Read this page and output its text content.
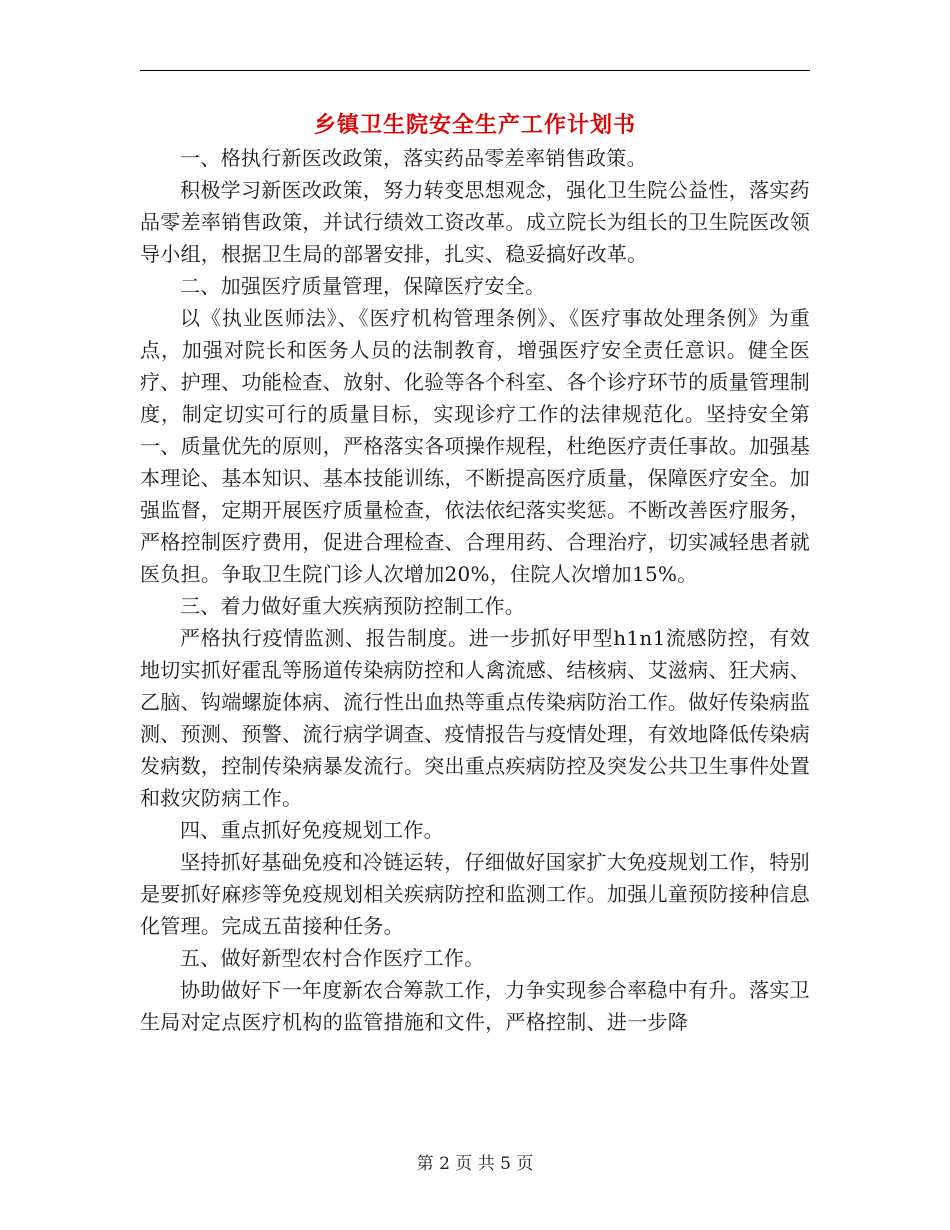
乡镇卫生院安全生产工作计划书

一、格执行新医改政策，落实药品零差率销售政策。

积极学习新医改政策，努力转变思想观念，强化卫生院公益性，落实药品零差率销售政策，并试行绩效工资改革。成立院长为组长的卫生院医改领导小组，根据卫生局的部署安排，扎实、稳妥搞好改革。

二、加强医疗质量管理，保障医疗安全。

以《执业医师法》、《医疗机构管理条例》、《医疗事故处理条例》为重点，加强对院长和医务人员的法制教育，增强医疗安全责任意识。健全医疗、护理、功能检查、放射、化验等各个科室、各个诊疗环节的质量管理制度，制定切实可行的质量目标，实现诊疗工作的法律规范化。坚持安全第一、质量优先的原则，严格落实各项操作规程，杜绝医疗责任事故。加强基本理论、基本知识、基本技能训练，不断提高医疗质量，保障医疗安全。加强监督，定期开展医疗质量检查，依法依纪落实奖惩。不断改善医疗服务，严格控制医疗费用，促进合理检查、合理用药、合理治疗，切实减轻患者就医负担。争取卫生院门诊人次增加20%，住院人次增加15%。

三、着力做好重大疾病预防控制工作。

严格执行疫情监测、报告制度。进一步抓好甲型h1n1流感防控，有效地切实抓好霍乱等肠道传染病防控和人禽流感、结核病、艾滋病、狂犬病、乙脑、钩端螺旋体病、流行性出血热等重点传染病防治工作。做好传染病监测、预测、预警、流行病学调查、疫情报告与疫情处理，有效地降低传染病发病数，控制传染病暴发流行。突出重点疾病防控及突发公共卫生事件处置和救灾防病工作。

四、重点抓好免疫规划工作。

坚持抓好基础免疫和冷链运转，仔细做好国家扩大免疫规划工作，特别是要抓好麻疹等免疫规划相关疾病防控和监测工作。加强儿童预防接种信息化管理。完成五苗接种任务。

五、做好新型农村合作医疗工作。

协助做好下一年度新农合筹款工作，力争实现参合率稳中有升。落实卫生局对定点医疗机构的监管措施和文件，严格控制、进一步降

第 2 页 共 5 页
